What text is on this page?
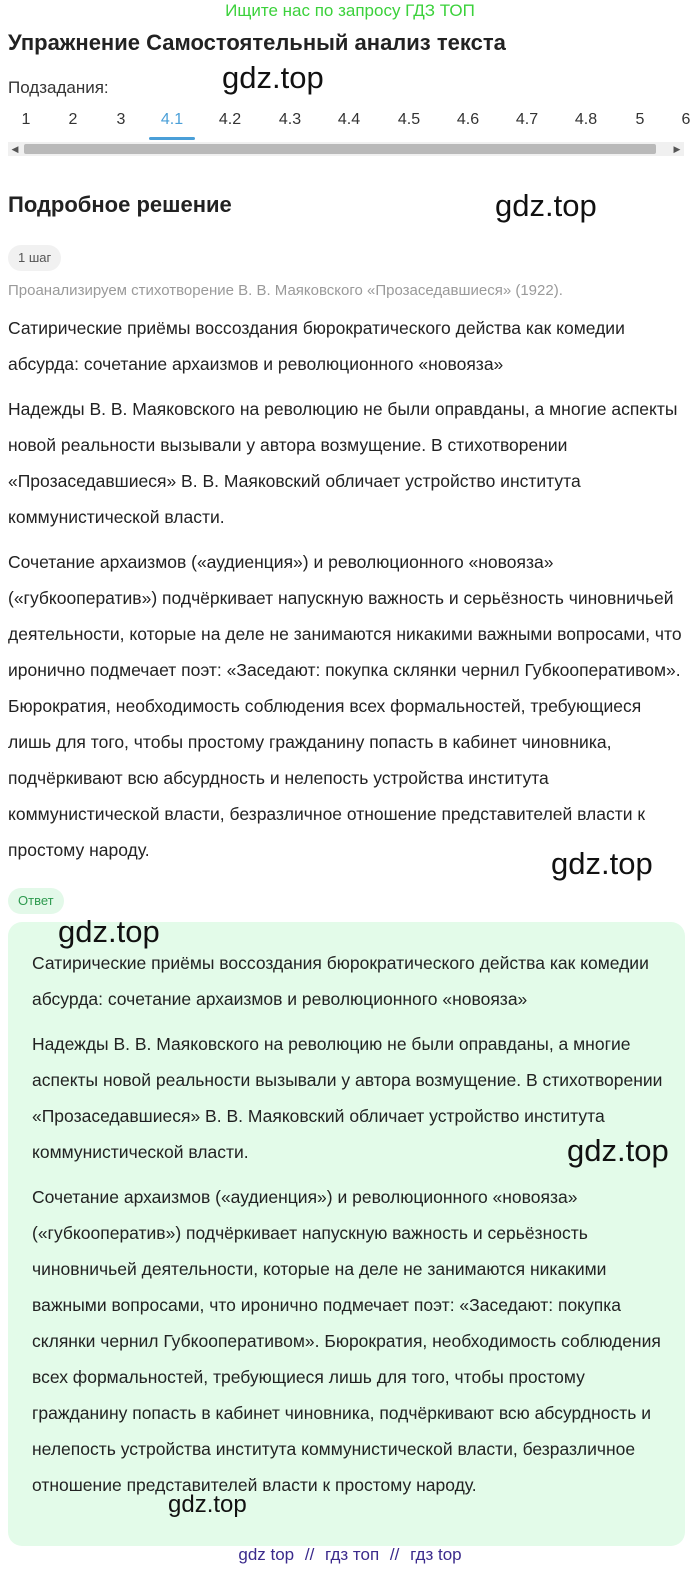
Ищите нас по запросу ГДЗ ТОП
Упражнение Самостоятельный анализ текста
gdz.top
Подзадания:
1	2	3	4.1	4.2	4.3	4.4	4.5	4.6	4.7	4.8	5	6
◀	▶
Подробное решение	gdz.top
1 шаг
Проанализируем стихотворение В. В. Маяковского «Прозаседавшиеся» (1922).

Сатирические приёмы воссоздания бюрократического действа как комедии абсурда: сочетание архаизмов и революционного «новояза»

Надежды В. В. Маяковского на революцию не были оправданы, а многие аспекты новой реальности вызывали у автора возмущение. В стихотворении «Прозаседавшиеся» В. В. Маяковский обличает устройство института коммунистической власти.

Сочетание архаизмов («аудиенция») и революционного «новояза» («губкооператив») подчёркивает напускную важность и серьёзность чиновничьей деятельности, которые на деле не занимаются никакими важными вопросами, что иронично подмечает поэт: «Заседают: покупка склянки чернил Губкооперативом». Бюрократия, необходимость соблюдения всех формальностей, требующиеся лишь для того, чтобы простому гражданину попасть в кабинет чиновника, подчёркивают всю абсурдность и нелепость устройства института коммунистической власти, безразличное отношение представителей власти к простому народу.	gdz.top
Ответ
gdz.top

Сатирические приёмы воссоздания бюрократического действа как комедии абсурда: сочетание архаизмов и революционного «новояза»

Надежды В. В. Маяковского на революцию не были оправданы, а многие аспекты новой реальности вызывали у автора возмущение. В стихотворении «Прозаседавшиеся» В. В. Маяковский обличает устройство института коммунистической власти.

Сочетание архаизмов («аудиенция») и революционного «новояза» («губкооператив») подчёркивает напускную важность и серьёзность чиновничьей деятельности, которые на деле не занимаются никакими важными вопросами, что иронично подмечает поэт: «Заседают: покупка склянки чернил Губкооперативом». Бюрократия, необходимость соблюдения всех формальностей, требующиеся лишь для того, чтобы простому гражданину попасть в кабинет чиновника, подчёркивают всю абсурдность и нелепость устройства института коммунистической власти, безразличное отношение представителей власти к простому народу.

gdz.top
gdz.top
gdz top // гдз топ // гдз top
